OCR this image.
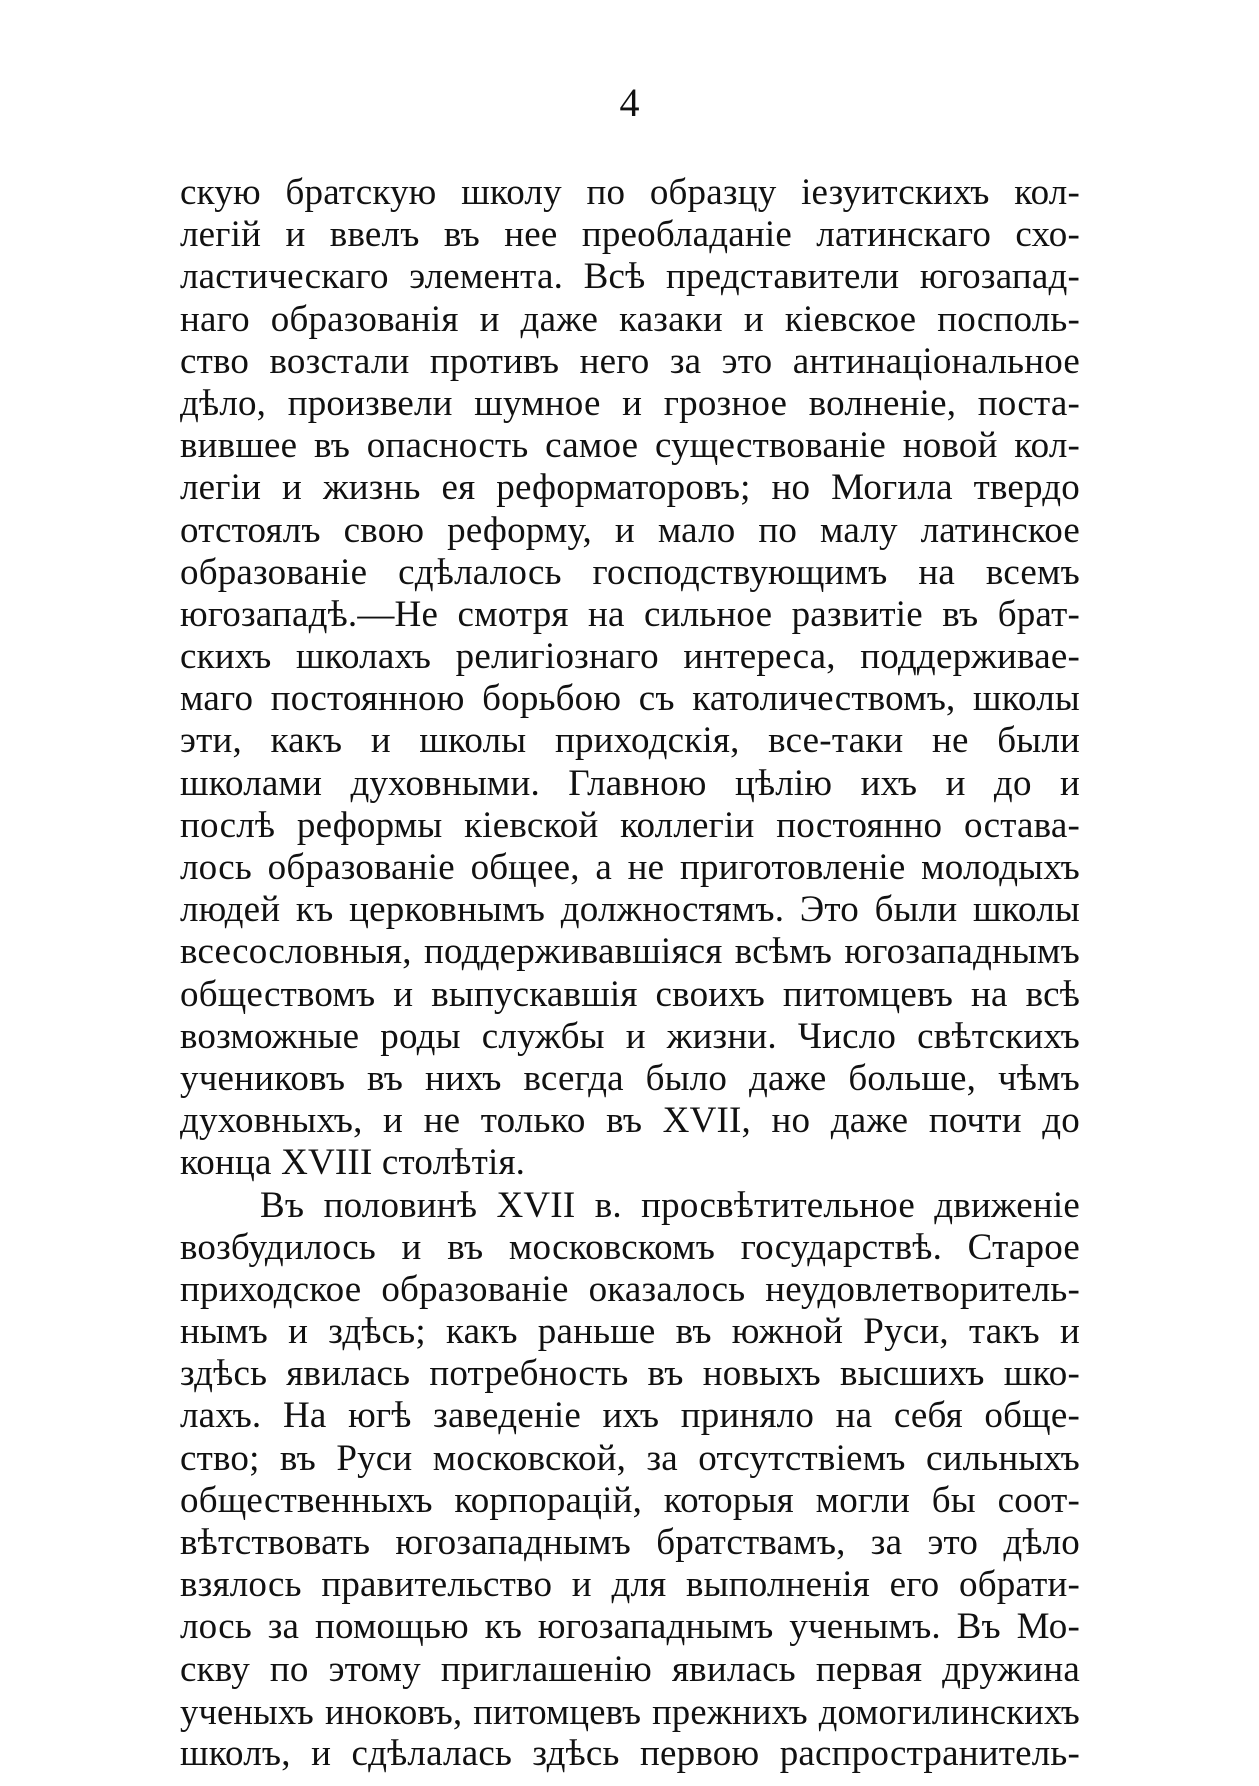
4
скую братскую школу по образцу iезуитскихъ кол-
легій и ввелъ въ нее преобладаніе латинскаго схо-
ластическаго элемента. Всѣ представители югозапад-
наго образованія и даже казаки и кіевское посполь-
ство возстали противъ него за это антинаціональное
дѣло, произвели шумное и грозное волненіе, поста-
вившее въ опасность самое существованіе новой кол-
легіи и жизнь ея реформаторовъ; но Могила твердо
отстоялъ свою реформу, и мало по малу латинское
образованіе сдѣлалось господствующимъ на всемъ
югозападѣ.—Не смотря на сильное развитіе въ брат-
скихъ школахъ религіознаго интереса, поддерживае-
маго постоянною борьбою съ католичествомъ, школы
эти, какъ и школы приходскія, все-таки не были
школами духовными. Главною цѣлію ихъ и до и
послѣ реформы кіевской коллегіи постоянно остава-
лось образованіе общее, а не приготовленіе молодыхъ
людей къ церковнымъ должностямъ. Это были школы
всесословныя, поддерживавшіяся всѣмъ югозападнымъ
обществомъ и выпускавшія своихъ питомцевъ на всѣ
возможные роды службы и жизни. Число свѣтскихъ
учениковъ въ нихъ всегда было даже больше, чѣмъ
духовныхъ, и не только въ XVII, но даже почти до
конца XVIII столѣтія.
Въ половинѣ XVII в. просвѣтительное движеніе
возбудилось и въ московскомъ государствѣ. Старое
приходское образованіе оказалось неудовлетворитель-
нымъ и здѣсь; какъ раньше въ южной Руси, такъ и
здѣсь явилась потребность въ новыхъ высшихъ шко-
лахъ. На югѣ заведеніе ихъ приняло на себя обще-
ство; въ Руси московской, за отсутствіемъ сильныхъ
общественныхъ корпорацій, которыя могли бы соот-
вѣтствовать югозападнымъ братствамъ, за это дѣло
взялось правительство и для выполненія его обрати-
лось за помощью къ югозападнымъ ученымъ. Въ Мо-
скву по этому приглашенію явилась первая дружина
ученыхъ иноковъ, питомцевъ прежнихъ домогилинскихъ
школъ, и сдѣлалась здѣсь первою распространитель-
